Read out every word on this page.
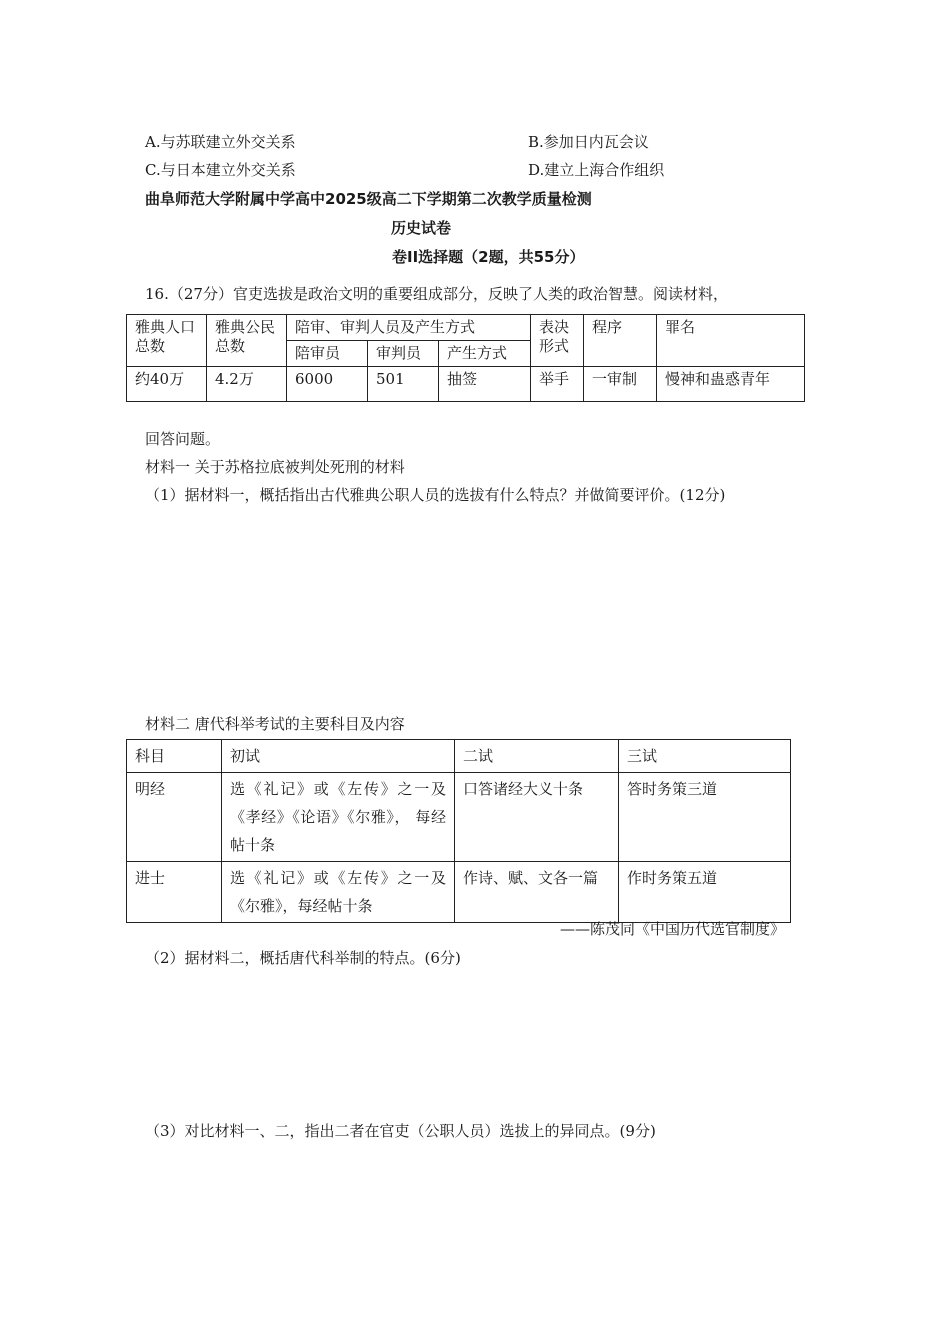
A.与苏联建立外交关系	B.参加日内瓦会议
C.与日本建立外交关系	D.建立上海合作组织
曲阜师范大学附属中学高中2025级高二下学期第二次教学质量检测
历史试卷
卷II选择题（2题，共55分）
16.（27分）官吏选拔是政治文明的重要组成部分，反映了人类的政治智慧。阅读材料，
雅典人口总数	雅典公民总数	陪审、审判人员及产生方式			表决形式	程序	罪名
		陪审员	审判员	产生方式			
约40万	4.2万	6000	501	抽签	举手	一审制	慢神和蛊惑青年
回答问题。
材料一 关于苏格拉底被判处死刑的材料
（1）据材料一，概括指出古代雅典公职人员的选拔有什么特点？并做简要评价。(12分)
材料二 唐代科举考试的主要科目及内容
科目	初试	二试	三试
明经	选《礼记》或《左传》之一及《孝经》《论语》《尔雅》， 每经帖十条	口答诸经大义十条	答时务策三道
进士	选《礼记》或《左传》之一及《尔雅》，每经帖十条	作诗、赋、文各一篇	作时务策五道
——陈茂同《中国历代选官制度》
（2）据材料二，概括唐代科举制的特点。(6分)
（3）对比材料一、二，指出二者在官吏（公职人员）选拔上的异同点。(9分)
